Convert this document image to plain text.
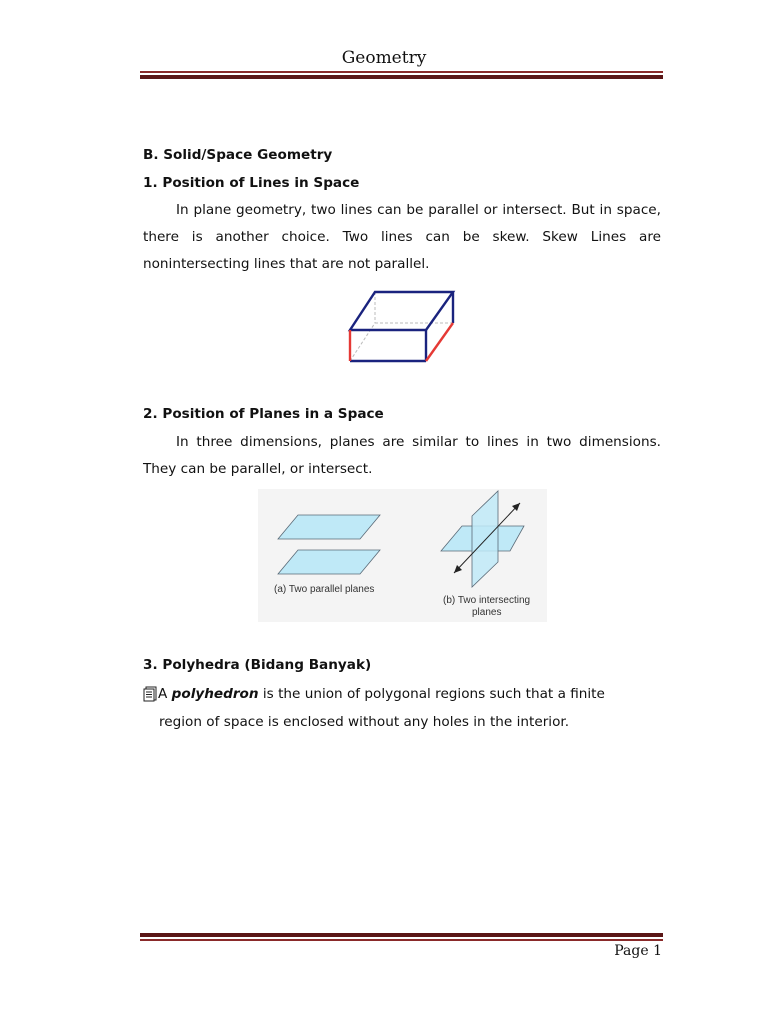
Geometry
B. Solid/Space Geometry
1. Position of Lines in Space

In plane geometry, two lines can be parallel or intersect. But in space, there is another choice. Two lines can be skew. Skew Lines are nonintersecting lines that are not parallel.

2. Position of Planes in a Space

In three dimensions, planes are similar to lines in two dimensions. They can be parallel, or intersect.

(a) Two parallel planes
(b) Two intersecting
planes
3. Polyhedra (Bidang Banyak)
A polyhedron is the union of polygonal regions such that a finite
region of space is enclosed without any holes in the interior.
Page 1
